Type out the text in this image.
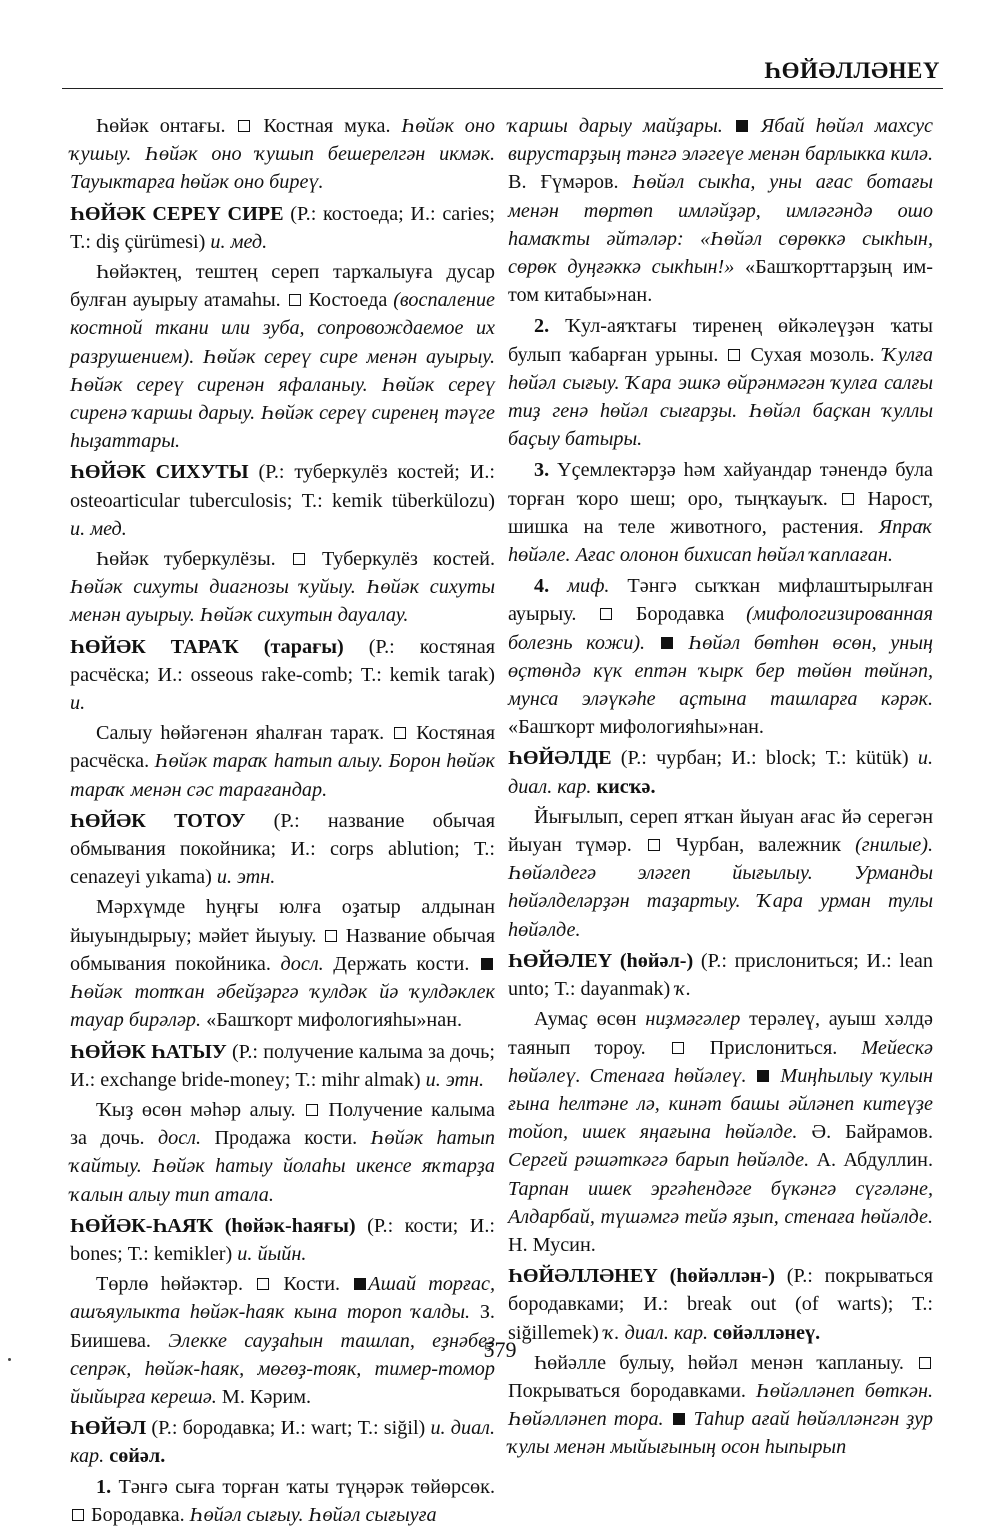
ҺӨЙӘЛЛӘНЕҮ

Һөйәк онтағы.  Костная мука. Һөйәк оно ҡушыу. Һөйәк оно ҡушып бешерелгән икмәк. Тауыктарға һөйәк оно биреү.

ҺӨЙӘК СЕРЕҮ СИРЕ (Р.: костоеда; И.: caries; Т.: diş çürümesi) и. мед.

Һөйәктең, тештең сереп тарҡалыуға дусар булған ауырыу атамаһы.  Костоеда (воспаление костной ткани или зуба, сопровождаемое их разрушением). Һөйәк сереү сире менән ауырыу. Һөйәк сереү сиренән яфаланыу. Һөйәк сереү сиренә ҡаршы дарыу. Һөйәк сереү сиренең тәүге һыҙаттары.

ҺӨЙӘК СИХУТЫ (Р.: туберкулёз костей; И.: osteoarticular tuberculosis; Т.: kemik tüberkülozu) и. мед.

Һөйәк туберкулёзы.  Туберкулёз костей. Һөйәк сихуты диагнозы ҡуйыу. Һөйәк сихуты менән ауырыу. Һөйәк сихутын дауалау.

ҺӨЙӘК ТАРАҠ (тарағы) (Р.: костяная расчёска; И.: osseous rake-comb; Т.: kemik tarak) и.

Салыу һөйәгенән яһалған тараҡ.  Костяная расчёска. Һөйәк тараҡ һатып алыу. Борон һөйәк тараҡ менән сәс тарағандар.

ҺӨЙӘК ТОТОУ (Р.: название обычая обмывания покойника; И.: corps ablution; Т.: cenazeyi yıkama) и. этн.

Мәрхүмде һуңғы юлға оҙатыр алдынан йыуындырыу; мәйет йыуыу.  Название обычая обмывания покойника. досл. Держать кости. Һөйәк тотҡан әбейҙәргә ҡулдәк йә ҡулдәклек тауар бирәләр. «Башҡорт мифологияһы»нан.

ҺӨЙӘК ҺАТЫУ (Р.: получение калыма за дочь; И.: exchange bride-money; Т.: mihr almak) и. этн.

Ҡыҙ өсөн мәһәр алыу.  Получение калыма за дочь. досл. Продажа кости. Һөйәк һатып ҡайтыу. Һөйәк һатыу йолаһы икенсе яҡтарҙа ҡалын алыу тип атала.

ҺӨЙӘК-ҺАЯҠ (һөйәк-һаяғы) (Р.: кости; И.: bones; Т.: kemikler) и. йыйн.

Төрлө һөйәктәр.  Кости. Ашай торғас, ашъяулыкта һөйәк-һаяк кына тороп ҡалды. З. Биишева. Элекке сауҙаһын ташлап, еҙнәбеҙ сепрәк, һөйәк-һаяк, мөгөҙ-тояк, тимер-томор йыйырға керешә. М. Кәрим.

ҺӨЙӘЛ (Р.: бородавка; И.: wart; Т.: siğil) и. диал. кар. сөйәл.

1. Тәнгә сыға торған ҡаты түңәрәк төйөрсөк.  Бородавка. Һөйәл сығыу. Һөйәл сығыуға

ҡаршы дарыу майҙары.  Ябай һөйәл махсус вирустарҙың тәнгә эләгеүе менән барлыкка килә. В. Ғүмәров. Һөйәл сыкһа, уны ағас ботағы менән төртөп имләйҙәр, имләгәндә ошо һамаҡты әйтәләр: «Һөйәл сөрөккә сыкһын, сөрөк дуңғәккә сыкһын!» «Башҡорттарҙың им-том китабы»нан.

2. Ҡул-аяҡтағы тиренең өйкәлеүҙән ҡаты булып ҡабарған урыны.  Сухая мозоль. Ҡулға һөйәл сығыу. Ҡара эшкә өйрәнмәгән ҡулға салғы тиҙ генә һөйәл сығарҙы. Һөйәл баҫкан ҡуллы баҫыу батыры.

3. Үҫемлектәрҙә һәм хайуандар тәнендә була торған ҡоро шеш; оро, тыңҡауыҡ.  Нарост, шишка на теле животного, растения. Япраҡ һөйәле. Ағас олонон бихисап һөйәл ҡаплаған.

4. миф. Тәнгә сыҡҡан мифлаштырылған ауырыу.  Бородавка (мифологизированная болезнь кожи).  Һөйәл бөтһөн өсөн, уның өҫтөндә күк ептән ҡырк бер төйөн төйнәп, мунса эләүкәһе аҫтына ташларға кәрәк. «Башҡорт мифологияһы»нан.

ҺӨЙӘЛДЕ (Р.: чурбан; И.: block; Т.: kütük) и. диал. кар. кисҡә.

Йығылып, сереп ятҡан йыуан ағас йә серегән йыуан түмәр.  Чурбан, валежник (гнилые). Һөйәлдегә эләгеп йығылыу. Урманды һөйәлделәрҙән таҙартыу. Ҡара урман тулы һөйәлде.

ҺӨЙӘЛЕҮ (һөйәл-) (Р.: прислониться; И.: lean unto; Т.: dayanmak) ҡ.

Аумаҫ өсөн ниҙмәгәлер терәлеү, ауыш хәлдә таянып тороу.  Прислониться. Мейескә һөйәлеү. Стенаға һөйәлеү.  Миңһылыу ҡулын ғына һелтәне лә, кинәт башы әйләнеп китеүҙе тойоп, ишек яңағына һөйәлде. Ә. Байрамов. Сергей рәшәткәгә барып һөйәлде. А. Абдуллин. Тарпан ишек эргәһендәге бүкәнгә сүгәләне, Алдарбай, түшәмгә тейә яҙып, стенаға һөйәлде. Н. Мусин.

ҺӨЙӘЛЛӘНЕҮ (һөйәллән-) (Р.: покрываться бородавками; И.: break out (of warts); Т.: siğillemek) ҡ. диал. кар. сөйәлләнеү.

Һөйәлле булыу, һөйәл менән ҡапланыу.  Покрываться бородавками. Һөйәлләнеп бөткән. Һөйәлләнеп тора.  Таһир ағай һөйәлләнгән ҙур ҡулы менән мыйығының осон һыпырып

579
